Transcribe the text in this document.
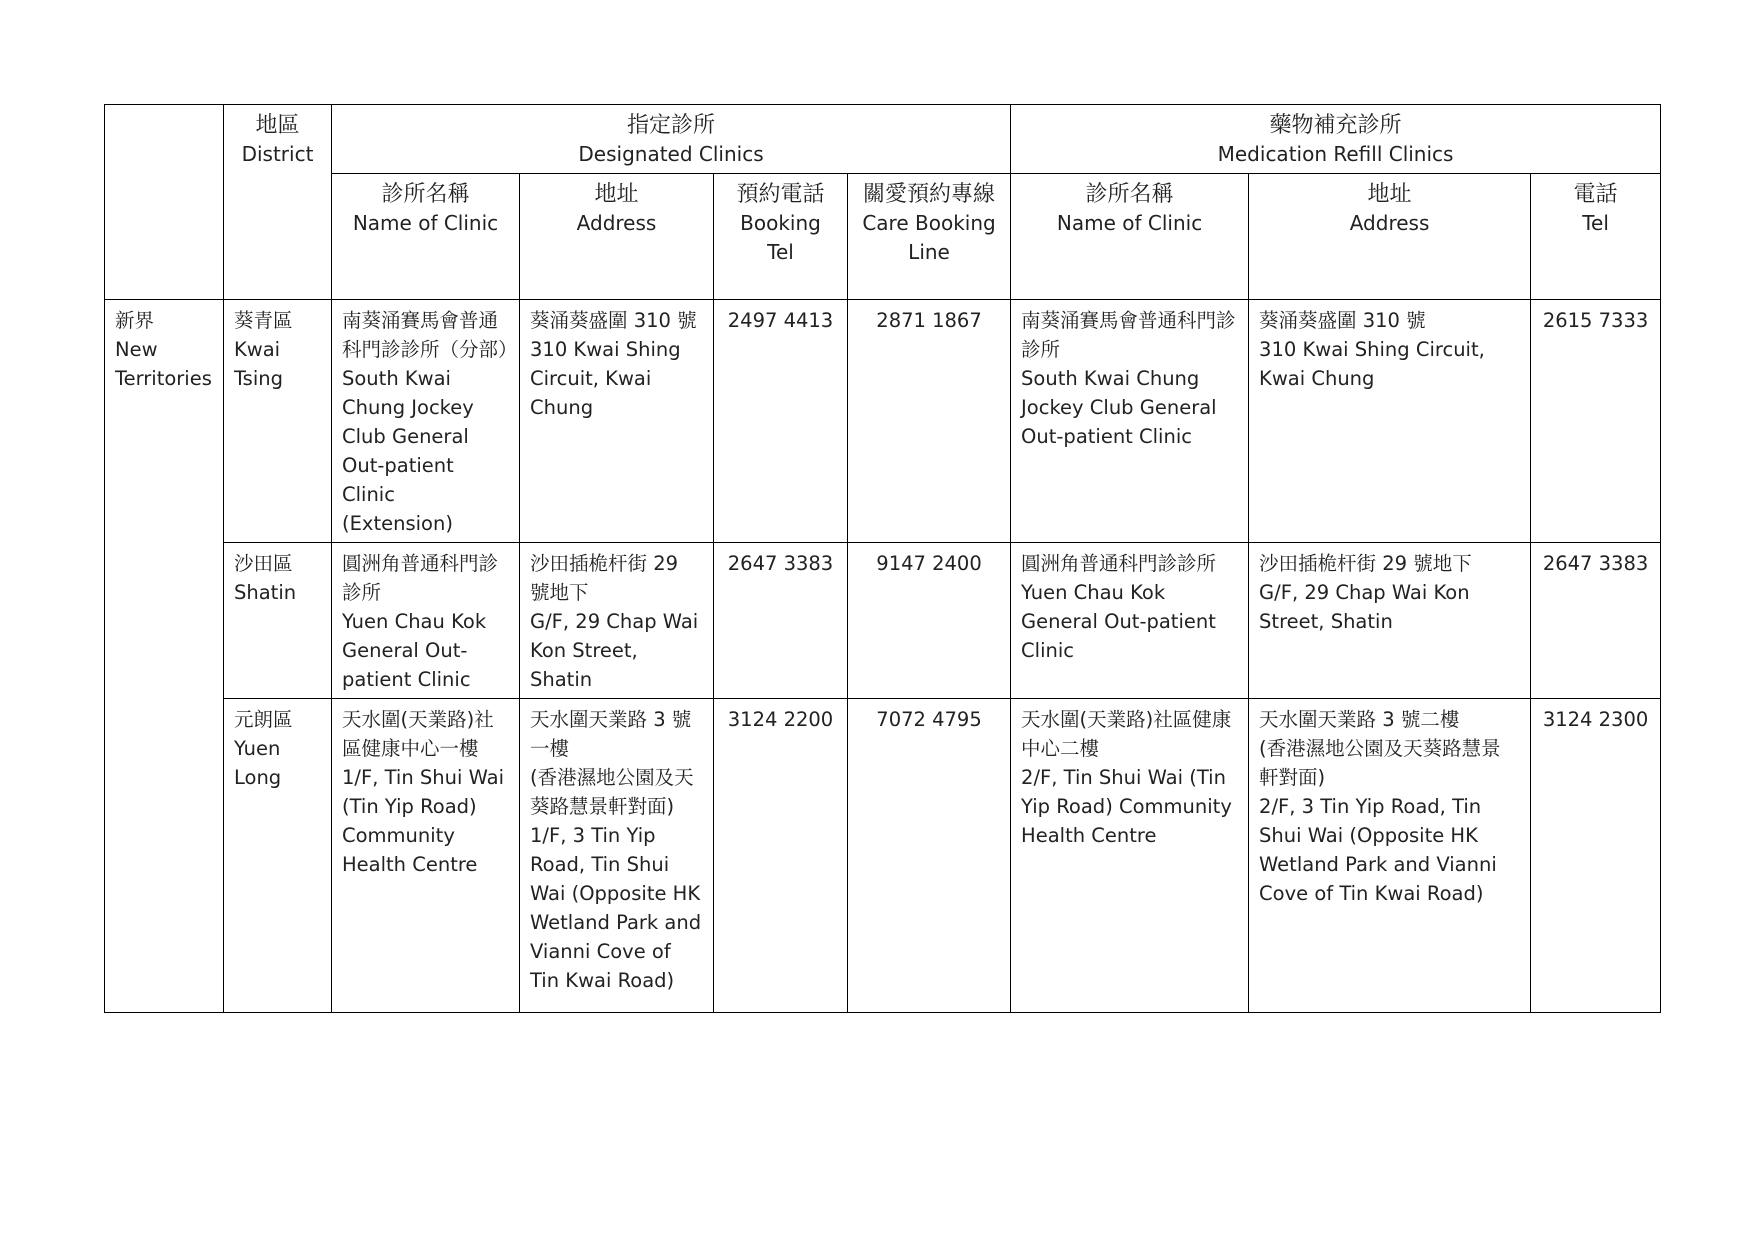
	地區
District	指定診所
Designated Clinics				藥物補充診所
Medication Refill Clinics		

		診所名稱
Name of Clinic	地址
Address	預約電話
Booking Tel	關愛預約專線
Care Booking Line	診所名稱
Name of Clinic	地址
Address	電話
Tel

新界
New
Territories	葵青區
Kwai Tsing	南葵涌賽馬會普通科門診診所（分部）
South Kwai Chung Jockey Club General Out-patient Clinic (Extension)	葵涌葵盛圍 310 號
310 Kwai Shing Circuit, Kwai Chung	2497 4413	2871 1867	南葵涌賽馬會普通科門診診所
South Kwai Chung Jockey Club General Out-patient Clinic	葵涌葵盛圍 310 號
310 Kwai Shing Circuit, Kwai Chung	2615 7333

	沙田區
Shatin	圓洲角普通科門診診所
Yuen Chau Kok General Out-patient Clinic	沙田插桅杆街 29 號地下
G/F, 29 Chap Wai Kon Street, Shatin	2647 3383	9147 2400	圓洲角普通科門診診所
Yuen Chau Kok General Out-patient Clinic	沙田插桅杆街 29 號地下
G/F, 29 Chap Wai Kon Street, Shatin	2647 3383

	元朗區
Yuen Long	天水圍(天業路)社區健康中心一樓
1/F, Tin Shui Wai (Tin Yip Road) Community Health Centre	天水圍天業路 3 號一樓
(香港濕地公園及天葵路慧景軒對面)
1/F, 3 Tin Yip Road, Tin Shui Wai (Opposite HK Wetland Park and Vianni Cove of Tin Kwai Road)	3124 2200	7072 4795	天水圍(天業路)社區健康中心二樓
2/F, Tin Shui Wai (Tin Yip Road) Community Health Centre	天水圍天業路 3 號二樓
(香港濕地公園及天葵路慧景軒對面)
2/F, 3 Tin Yip Road, Tin Shui Wai (Opposite HK Wetland Park and Vianni Cove of Tin Kwai Road)	3124 2300
